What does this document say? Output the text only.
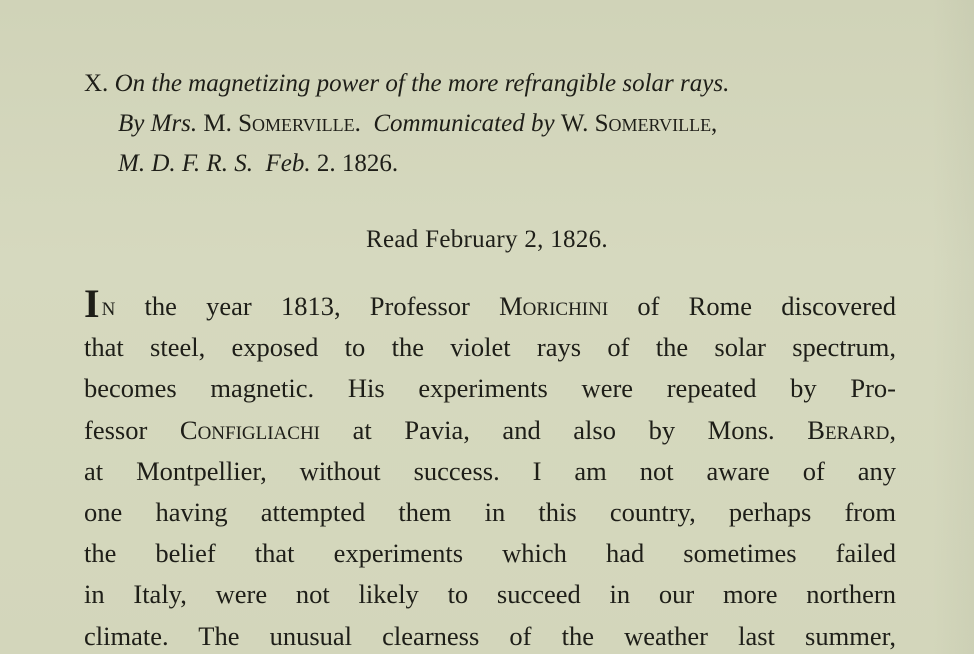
X. On the magnetizing power of the more refrangible solar rays.

By Mrs. M. Somerville. Communicated by W. Somerville,

M. D. F. R. S. Feb. 2. 1826.

Read February 2, 1826.
In the year 1813, Professor Morichini of Rome discovered
that steel, exposed to the violet rays of the solar spectrum,
becomes magnetic. His experiments were repeated by Pro-
fessor Configliachi at Pavia, and also by Mons. Berard,
at Montpellier, without success. I am not aware of any
one having attempted them in this country, perhaps from
the belief that experiments which had sometimes failed
in Italy, were not likely to succeed in our more northern
climate. The unusual clearness of the weather last summer,
